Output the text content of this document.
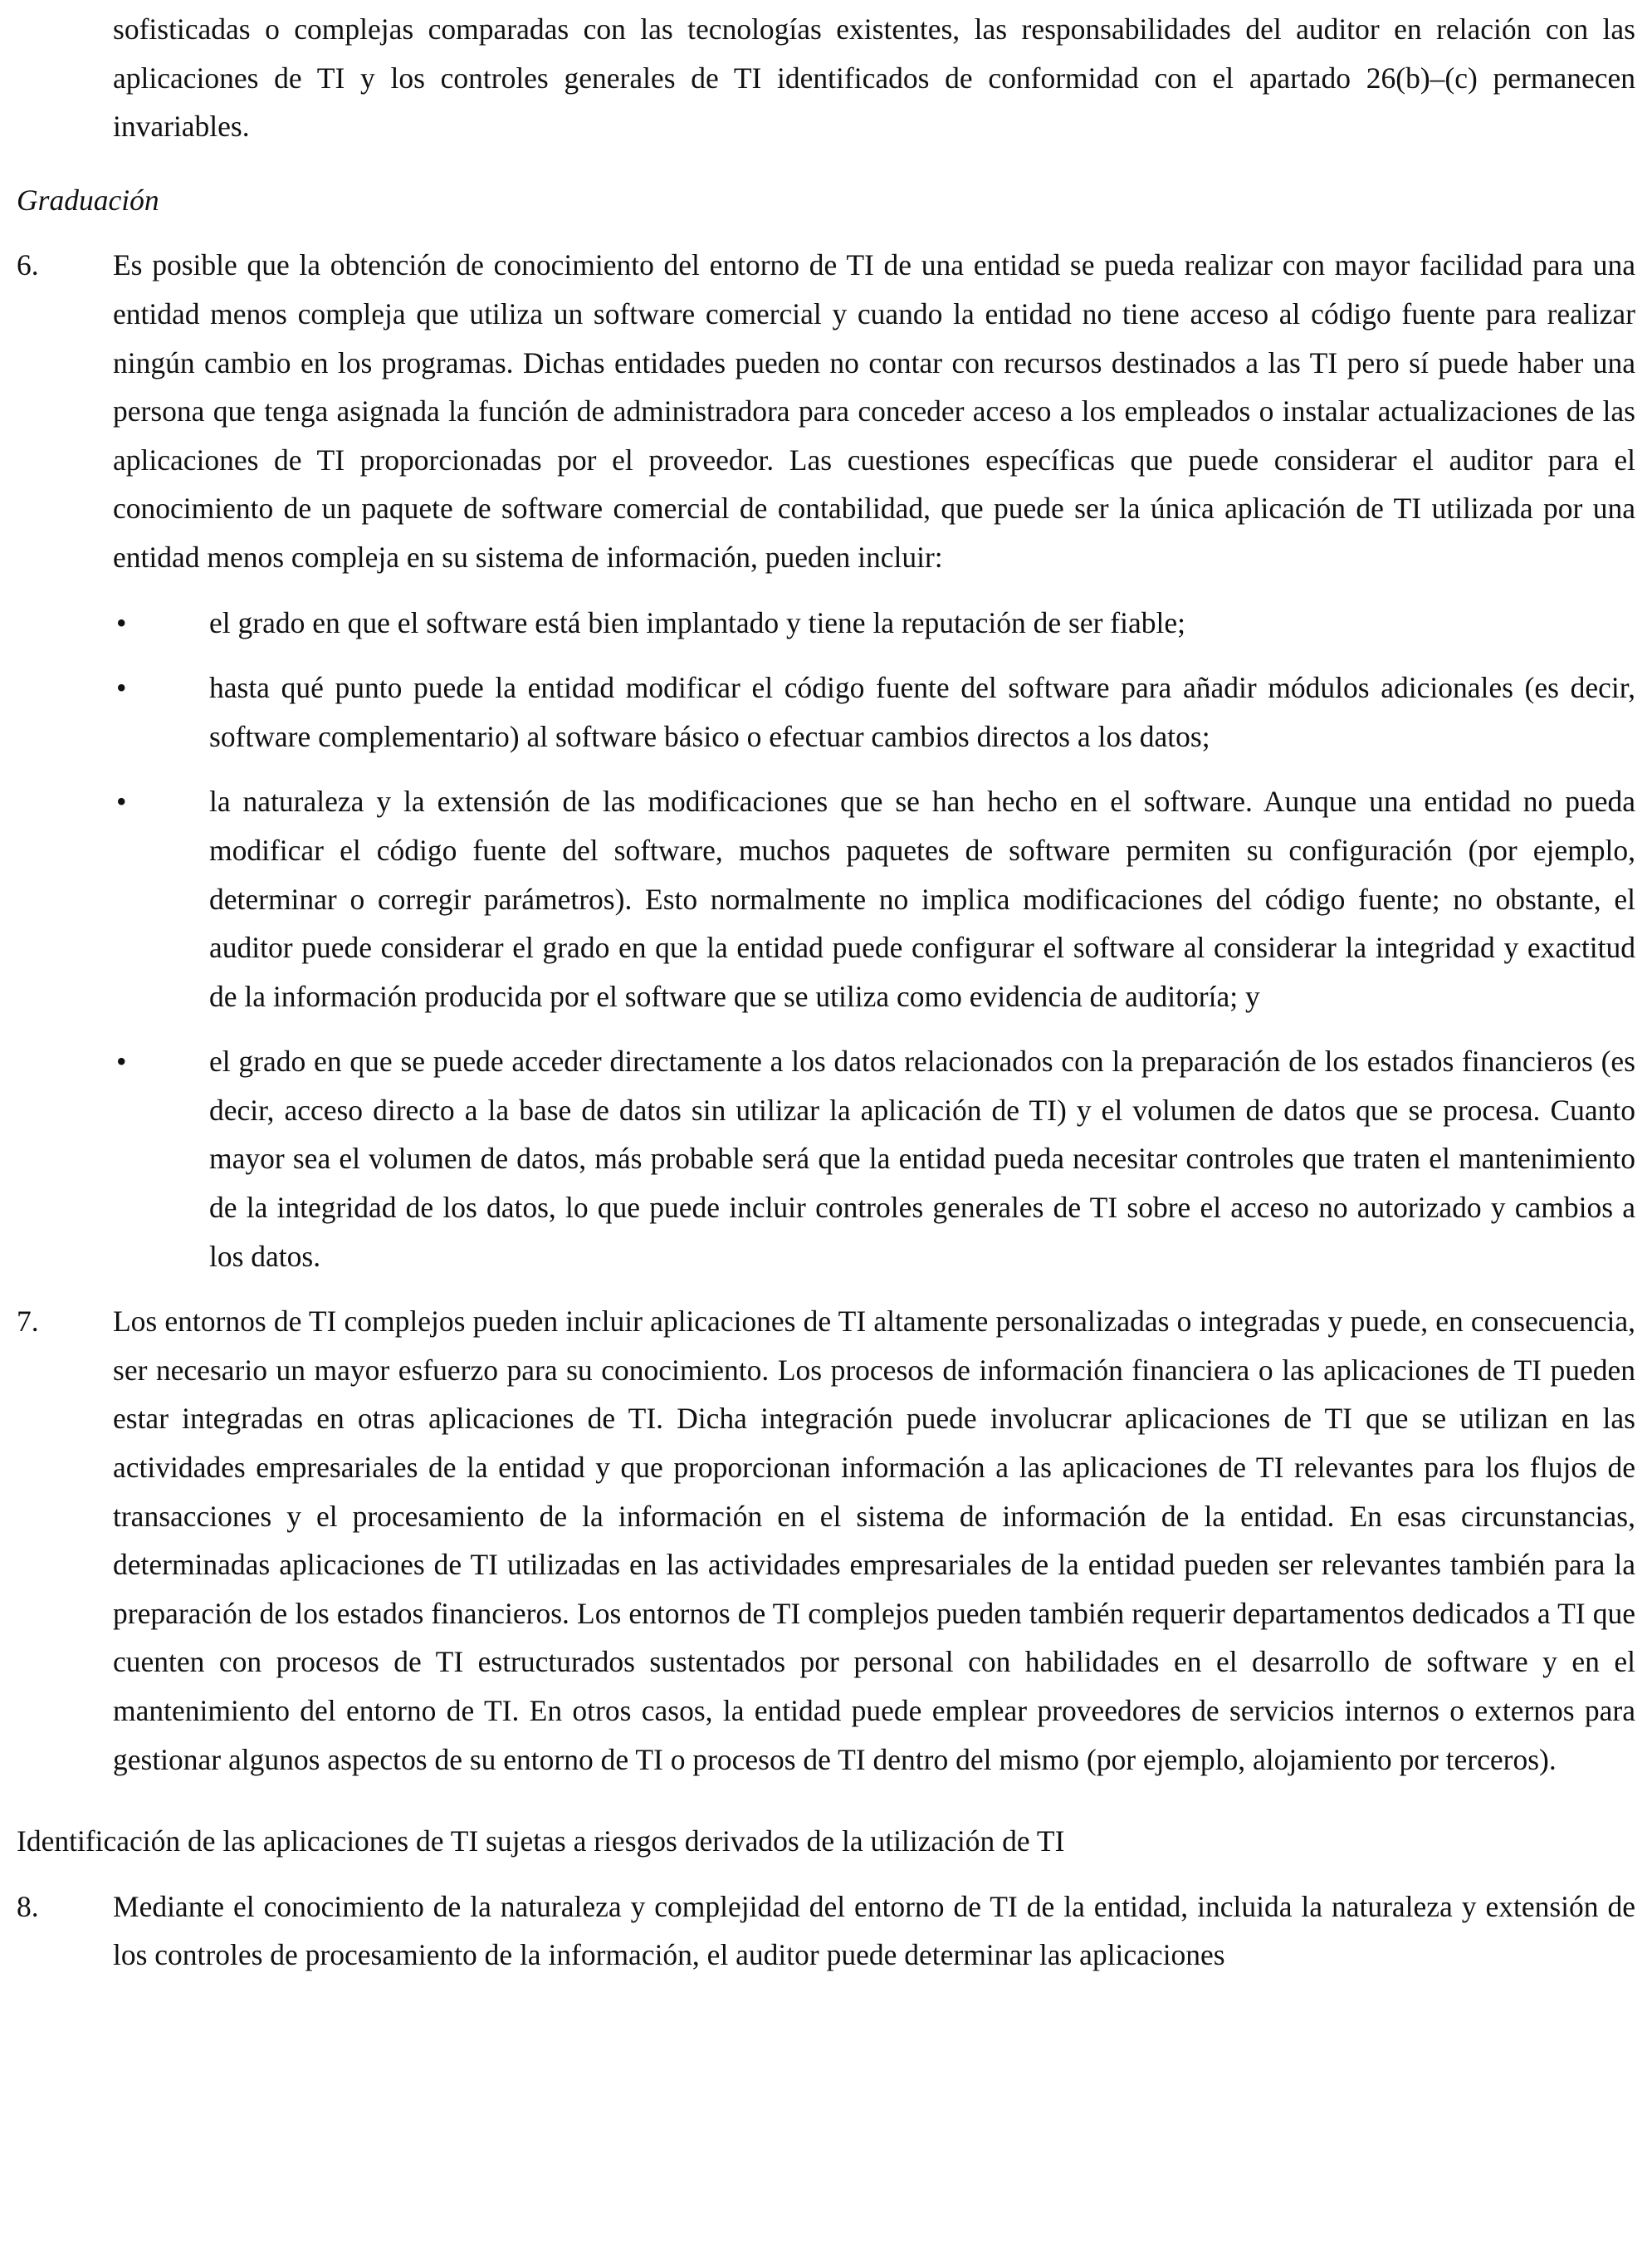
sofisticadas o complejas comparadas con las tecnologías existentes, las responsabilidades del auditor en relación con las aplicaciones de TI y los controles generales de TI identificados de conformidad con el apartado 26(b)–(c) permanecen invariables.

Graduación

6.	Es posible que la obtención de conocimiento del entorno de TI de una entidad se pueda realizar con mayor facilidad para una entidad menos compleja que utiliza un software comercial y cuando la entidad no tiene acceso al código fuente para realizar ningún cambio en los programas. Dichas entidades pueden no contar con recursos destinados a las TI pero sí puede haber una persona que tenga asignada la función de administradora para conceder acceso a los empleados o instalar actualizaciones de las aplicaciones de TI proporcionadas por el proveedor. Las cuestiones específicas que puede considerar el auditor para el conocimiento de un paquete de software comercial de contabilidad, que puede ser la única aplicación de TI utilizada por una entidad menos compleja en su sistema de información, pueden incluir:

•	el grado en que el software está bien implantado y tiene la reputación de ser fiable;

•	hasta qué punto puede la entidad modificar el código fuente del software para añadir módulos adicionales (es decir, software complementario) al software básico o efectuar cambios directos a los datos;

•	la naturaleza y la extensión de las modificaciones que se han hecho en el software. Aunque una entidad no pueda modificar el código fuente del software, muchos paquetes de software permiten su configuración (por ejemplo, determinar o corregir parámetros). Esto normalmente no implica modificaciones del código fuente; no obstante, el auditor puede considerar el grado en que la entidad puede configurar el software al considerar la integridad y exactitud de la información producida por el software que se utiliza como evidencia de auditoría; y

•	el grado en que se puede acceder directamente a los datos relacionados con la preparación de los estados financieros (es decir, acceso directo a la base de datos sin utilizar la aplicación de TI) y el volumen de datos que se procesa. Cuanto mayor sea el volumen de datos, más probable será que la entidad pueda necesitar controles que traten el mantenimiento de la integridad de los datos, lo que puede incluir controles generales de TI sobre el acceso no autorizado y cambios a los datos.

7.	Los entornos de TI complejos pueden incluir aplicaciones de TI altamente personalizadas o integradas y puede, en consecuencia, ser necesario un mayor esfuerzo para su conocimiento. Los procesos de información financiera o las aplicaciones de TI pueden estar integradas en otras aplicaciones de TI. Dicha integración puede involucrar aplicaciones de TI que se utilizan en las actividades empresariales de la entidad y que proporcionan información a las aplicaciones de TI relevantes para los flujos de transacciones y el procesamiento de la información en el sistema de información de la entidad. En esas circunstancias, determinadas aplicaciones de TI utilizadas en las actividades empresariales de la entidad pueden ser relevantes también para la preparación de los estados financieros. Los entornos de TI complejos pueden también requerir departamentos dedicados a TI que cuenten con procesos de TI estructurados sustentados por personal con habilidades en el desarrollo de software y en el mantenimiento del entorno de TI. En otros casos, la entidad puede emplear proveedores de servicios internos o externos para gestionar algunos aspectos de su entorno de TI o procesos de TI dentro del mismo (por ejemplo, alojamiento por terceros).

Identificación de las aplicaciones de TI sujetas a riesgos derivados de la utilización de TI

8.	Mediante el conocimiento de la naturaleza y complejidad del entorno de TI de la entidad, incluida la naturaleza y extensión de los controles de procesamiento de la información, el auditor puede determinar las aplicaciones
